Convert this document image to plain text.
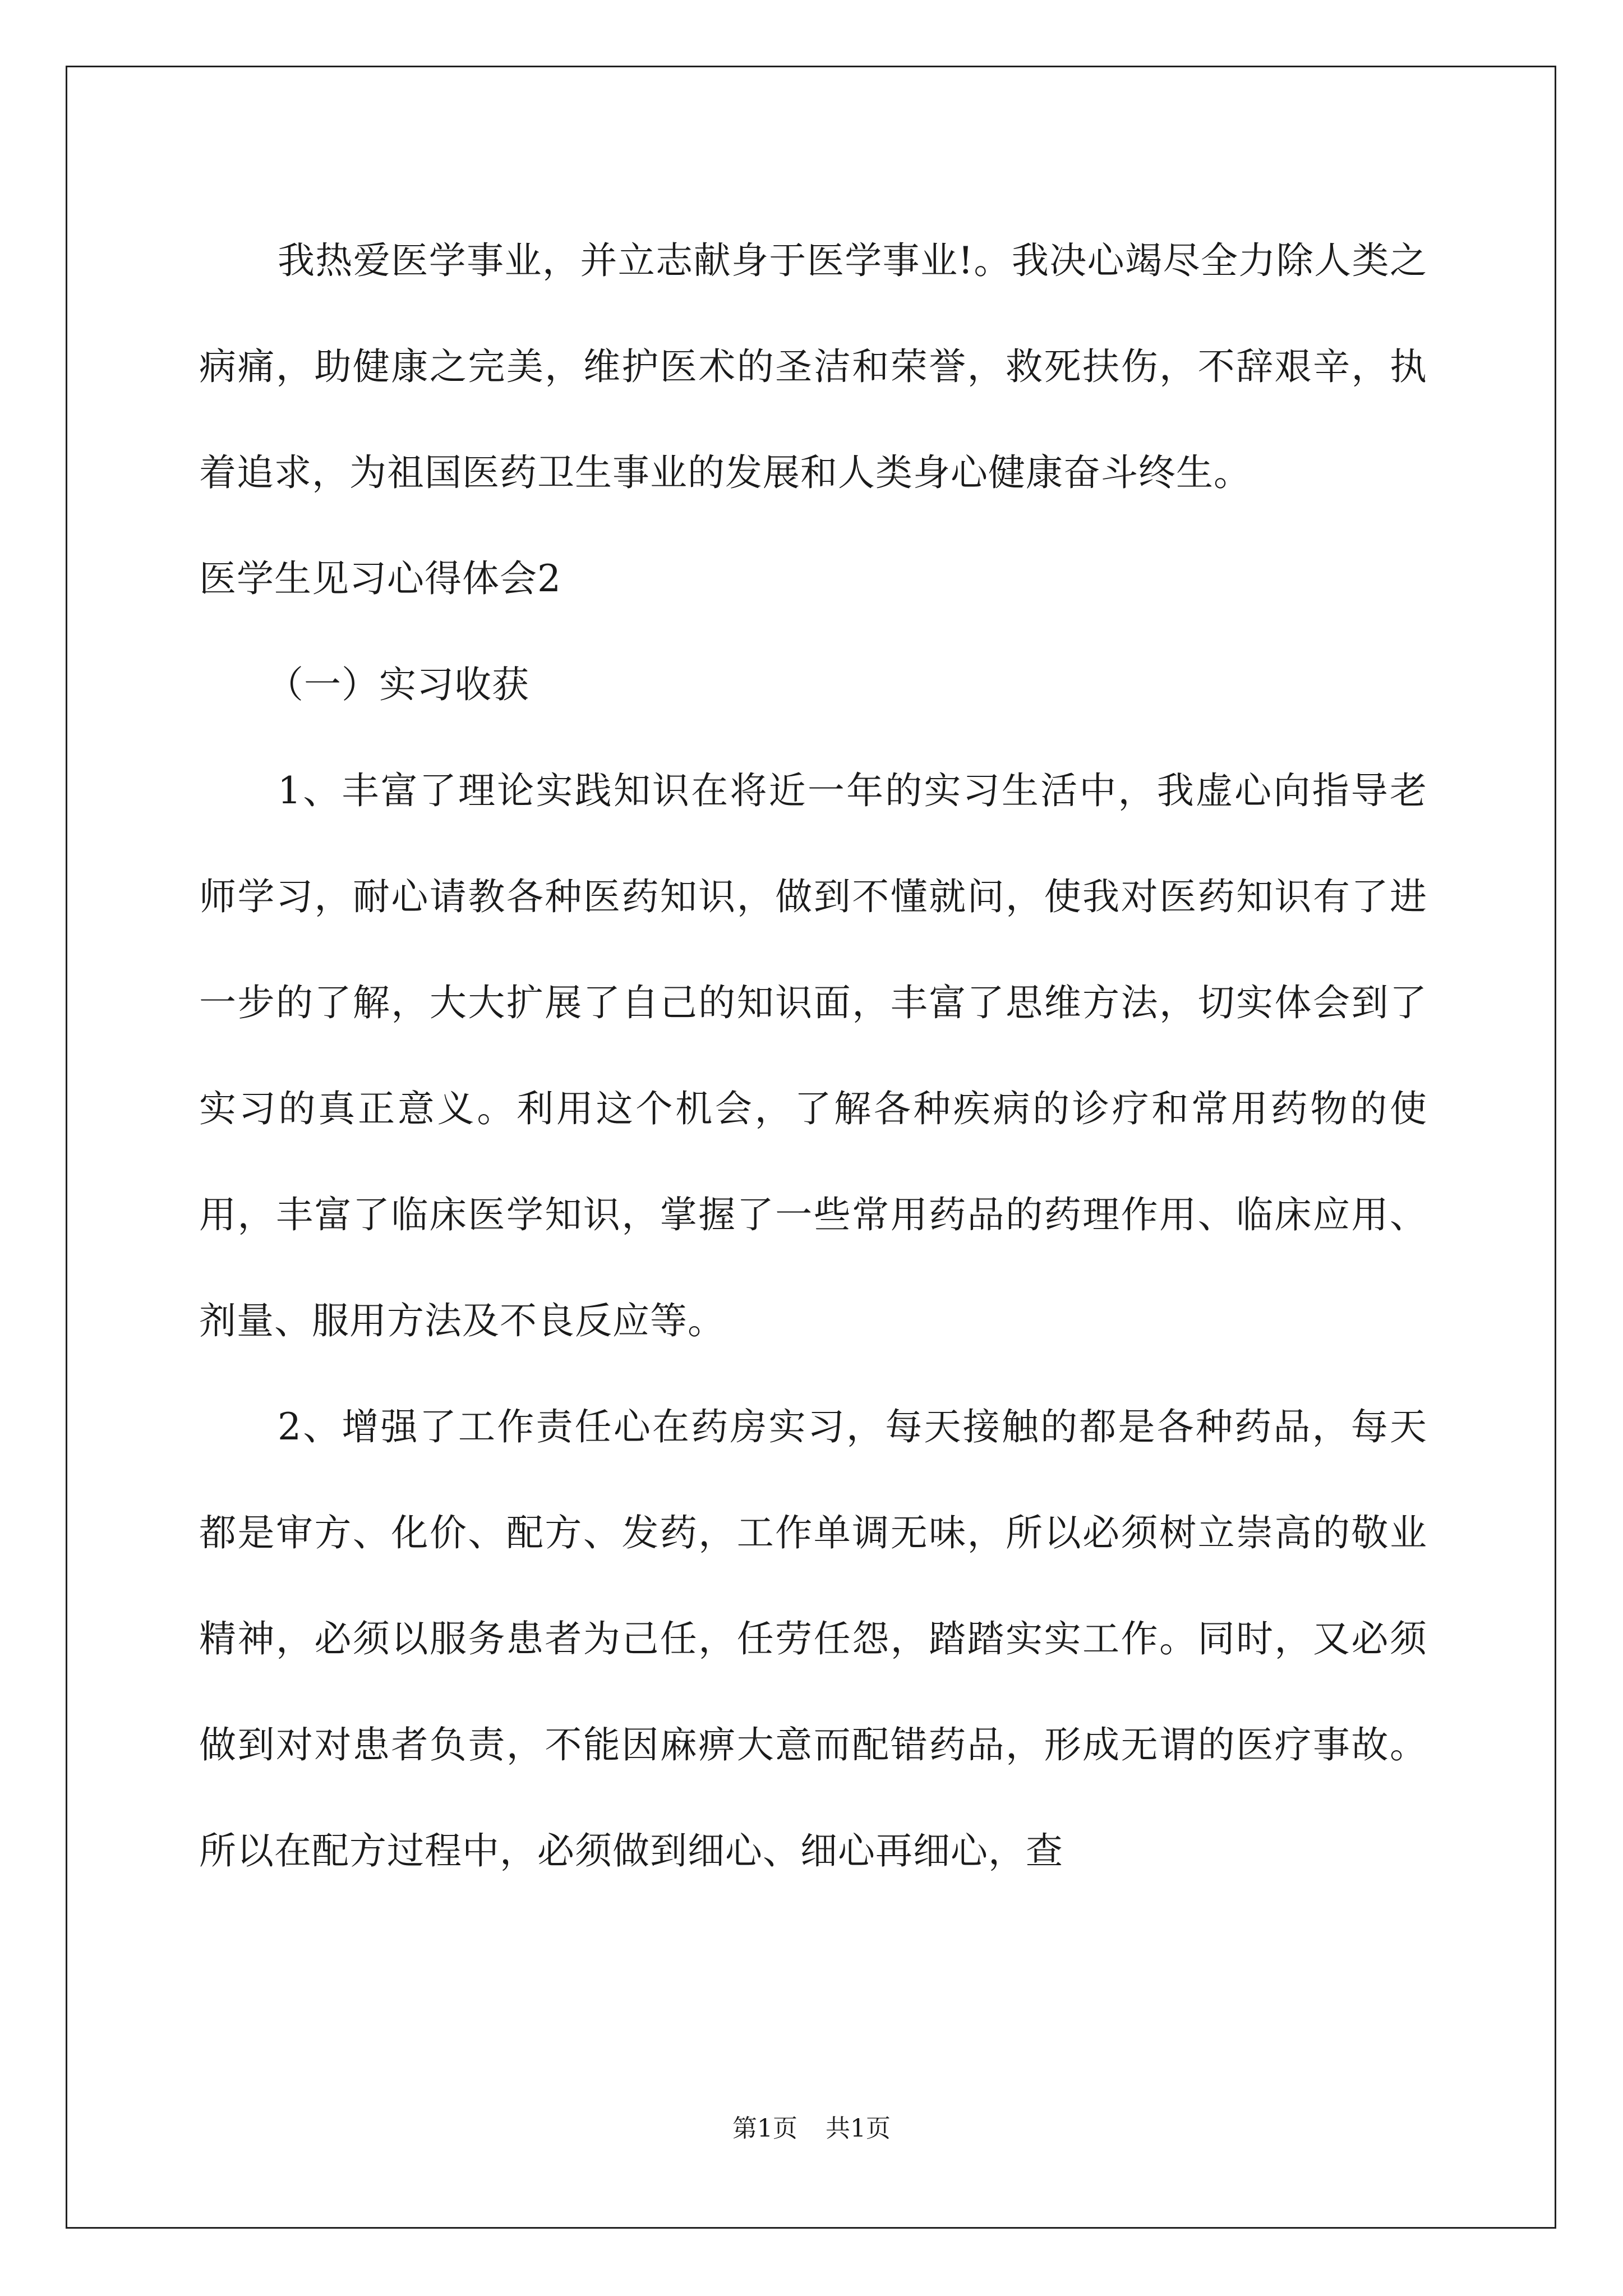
我热爱医学事业，并立志献身于医学事业!。我决心竭尽全力除人类之病痛，助健康之完美，维护医术的圣洁和荣誉，救死扶伤，不辞艰辛，执着追求，为祖国医药卫生事业的发展和人类身心健康奋斗终生。

医学生见习心得体会2

（一）实习收获

1、丰富了理论实践知识在将近一年的实习生活中，我虚心向指导老师学习，耐心请教各种医药知识，做到不懂就问，使我对医药知识有了进一步的了解，大大扩展了自己的知识面，丰富了思维方法，切实体会到了实习的真正意义。利用这个机会，了解各种疾病的诊疗和常用药物的使用，丰富了临床医学知识，掌握了一些常用药品的药理作用、临床应用、剂量、服用方法及不良反应等。

2、增强了工作责任心在药房实习，每天接触的都是各种药品，每天都是审方、化价、配方、发药，工作单调无味，所以必须树立崇高的敬业精神，必须以服务患者为己任，任劳任怨，踏踏实实工作。同时，又必须做到对对患者负责，不能因麻痹大意而配错药品，形成无谓的医疗事故。所以在配方过程中，必须做到细心、细心再细心，查

第1页 共1页
